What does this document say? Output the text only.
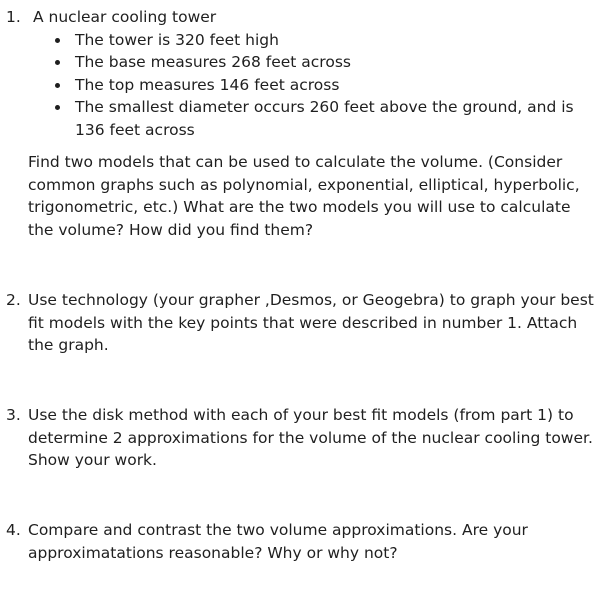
1. A nuclear cooling tower
The tower is 320 feet high
The base measures 268 feet across
The top measures 146 feet across
The smallest diameter occurs 260 feet above the ground, and is 136 feet across
Find two models that can be used to calculate the volume. (Consider common graphs such as polynomial, exponential, elliptical, hyperbolic, trigonometric, etc.) What are the two models you will use to calculate the volume? How did you find them?
2. Use technology (your grapher ,Desmos, or Geogebra) to graph your best fit models with the key points that were described in number 1. Attach the graph.
3. Use the disk method with each of your best fit models (from part 1) to determine 2 approximations for the volume of the nuclear cooling tower. Show your work.
4. Compare and contrast the two volume approximations. Are your approximatations reasonable? Why or why not?
